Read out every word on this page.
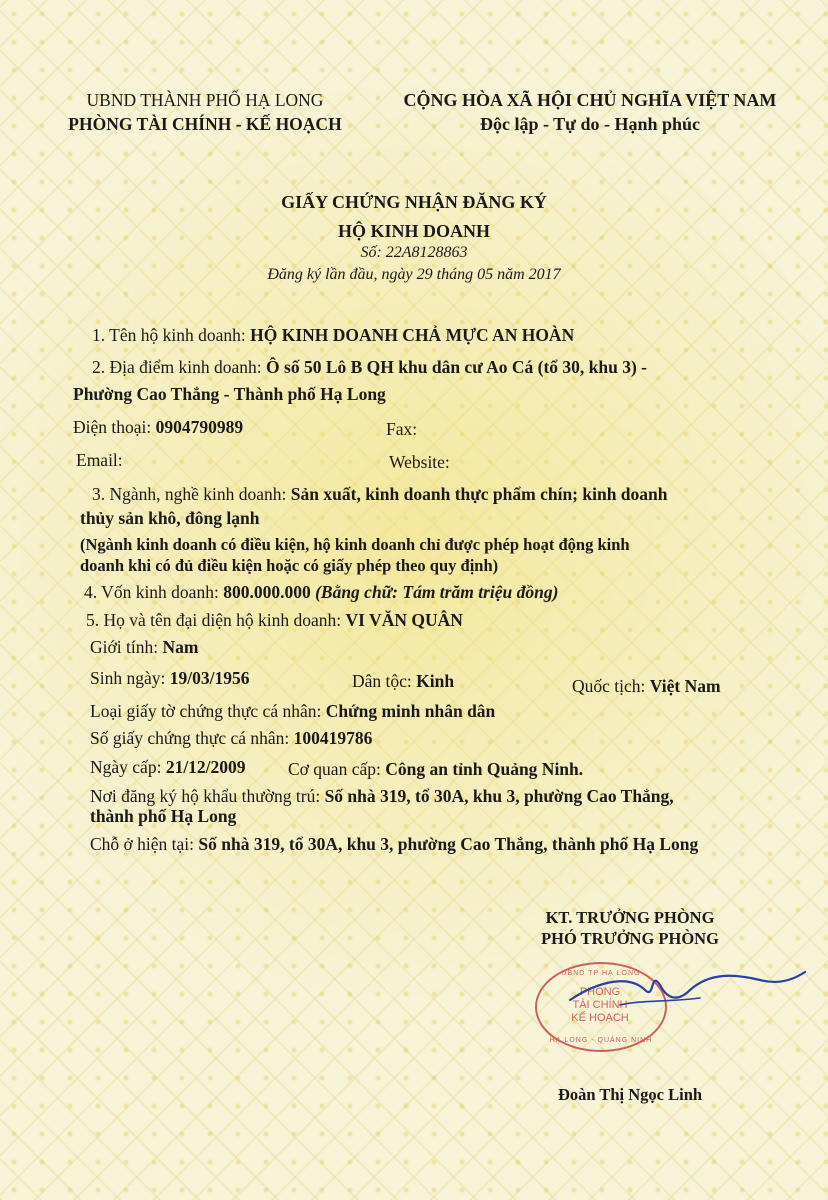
UBND THÀNH PHỐ HẠ LONG
PHÒNG TÀI CHÍNH - KẾ HOẠCH
CỘNG HÒA XÃ HỘI CHỦ NGHĨA VIỆT NAM
Độc lập - Tự do - Hạnh phúc
GIẤY CHỨNG NHẬN ĐĂNG KÝ
HỘ KINH DOANH
Số: 22A8128863
Đăng ký lần đầu, ngày 29 tháng 05 năm 2017
1. Tên hộ kinh doanh: HỘ KINH DOANH CHẢ MỰC AN HOÀN
2. Địa điểm kinh doanh: Ô số 50 Lô B QH khu dân cư Ao Cá (tổ 30, khu 3) -
Phường Cao Thắng - Thành phố Hạ Long
Điện thoại: 0904790989	Fax:
Email:	Website:
3. Ngành, nghề kinh doanh: Sản xuất, kinh doanh thực phẩm chín; kinh doanh
thủy sản khô, đông lạnh
(Ngành kinh doanh có điều kiện, hộ kinh doanh chỉ được phép hoạt động kinh
doanh khi có đủ điều kiện hoặc có giấy phép theo quy định)
4. Vốn kinh doanh: 800.000.000 (Bằng chữ: Tám trăm triệu đồng)
5. Họ và tên đại diện hộ kinh doanh: VI VĂN QUÂN
Giới tính: Nam
Sinh ngày: 19/03/1956	Dân tộc: Kinh	Quốc tịch: Việt Nam
Loại giấy tờ chứng thực cá nhân: Chứng minh nhân dân
Số giấy chứng thực cá nhân: 100419786
Ngày cấp: 21/12/2009 Cơ quan cấp: Công an tỉnh Quảng Ninh.
Nơi đăng ký hộ khẩu thường trú: Số nhà 319, tổ 30A, khu 3, phường Cao Thắng,
thành phố Hạ Long
Chỗ ở hiện tại: Số nhà 319, tổ 30A, khu 3, phường Cao Thắng, thành phố Hạ Long
KT. TRƯỞNG PHÒNG
PHÓ TRƯỞNG PHÒNG
UBND TP HẠ LONG
PHÒNG
TÀI CHÍNH
KẾ HOẠCH
HẠ LONG - QUẢNG NINH
Đoàn Thị Ngọc Linh
